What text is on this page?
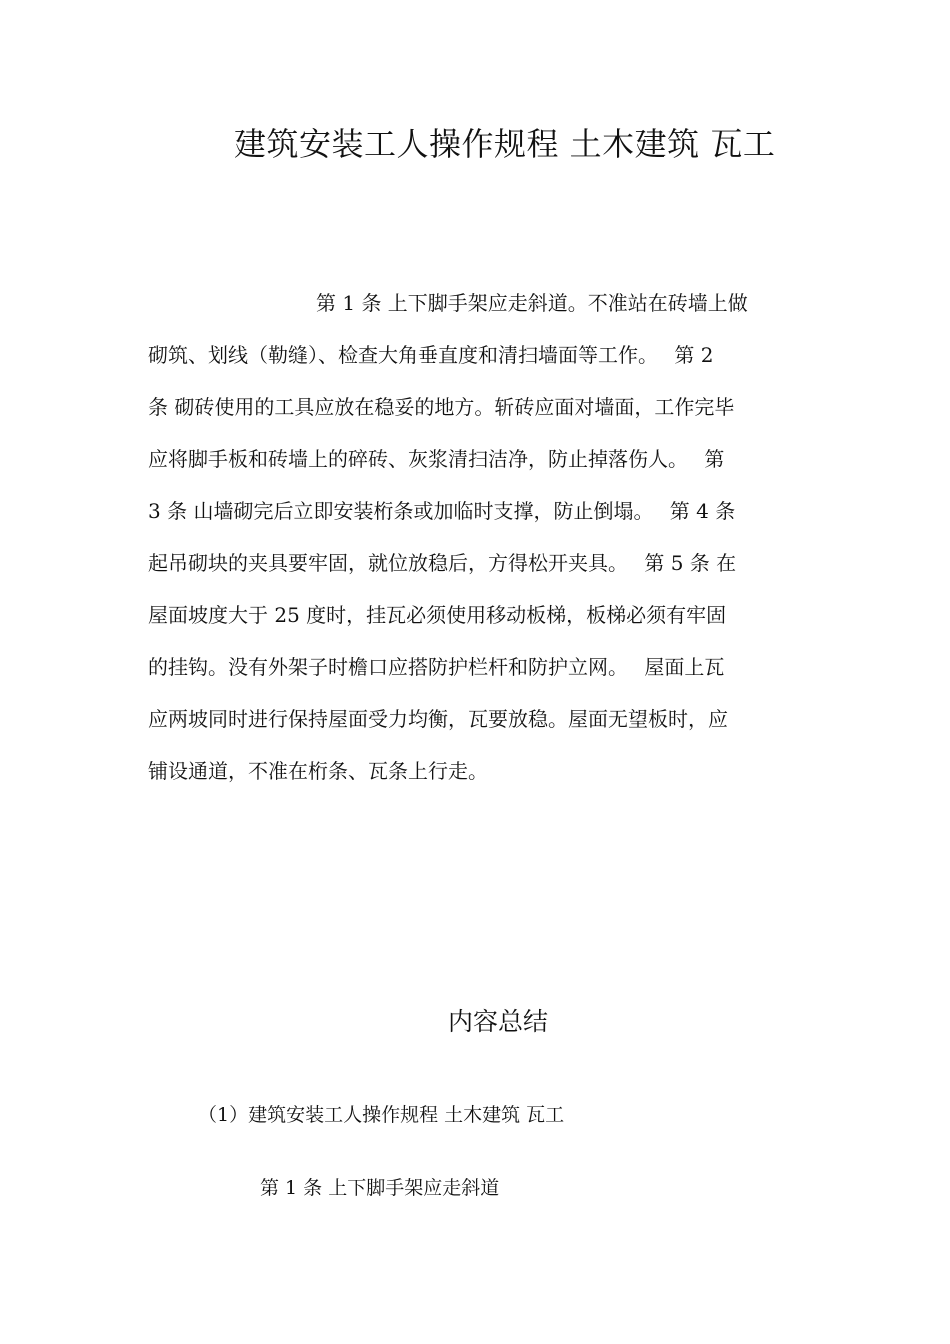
建筑安装工人操作规程 土木建筑 瓦工
第 1 条 上下脚手架应走斜道。不准站在砖墙上做
砌筑、划线（勒缝）、检查大角垂直度和清扫墙面等工作。　 第 2
条 砌砖使用的工具应放在稳妥的地方。斩砖应面对墙面，工作完毕
应将脚手板和砖墙上的碎砖、灰浆清扫洁净，防止掉落伤人。　 第
3 条 山墙砌完后立即安装桁条或加临时支撑，防止倒塌。　 第 4 条
起吊砌块的夹具要牢固，就位放稳后，方得松开夹具。　 第 5 条 在
屋面坡度大于 25 度时，挂瓦必须使用移动板梯，板梯必须有牢固
的挂钩。没有外架子时檐口应搭防护栏杆和防护立网。　 屋面上瓦
应两坡同时进行保持屋面受力均衡，瓦要放稳。屋面无望板时，应
铺设通道，不准在桁条、瓦条上行走。
内容总结
（1）建筑安装工人操作规程 土木建筑 瓦工
第 1 条 上下脚手架应走斜道
